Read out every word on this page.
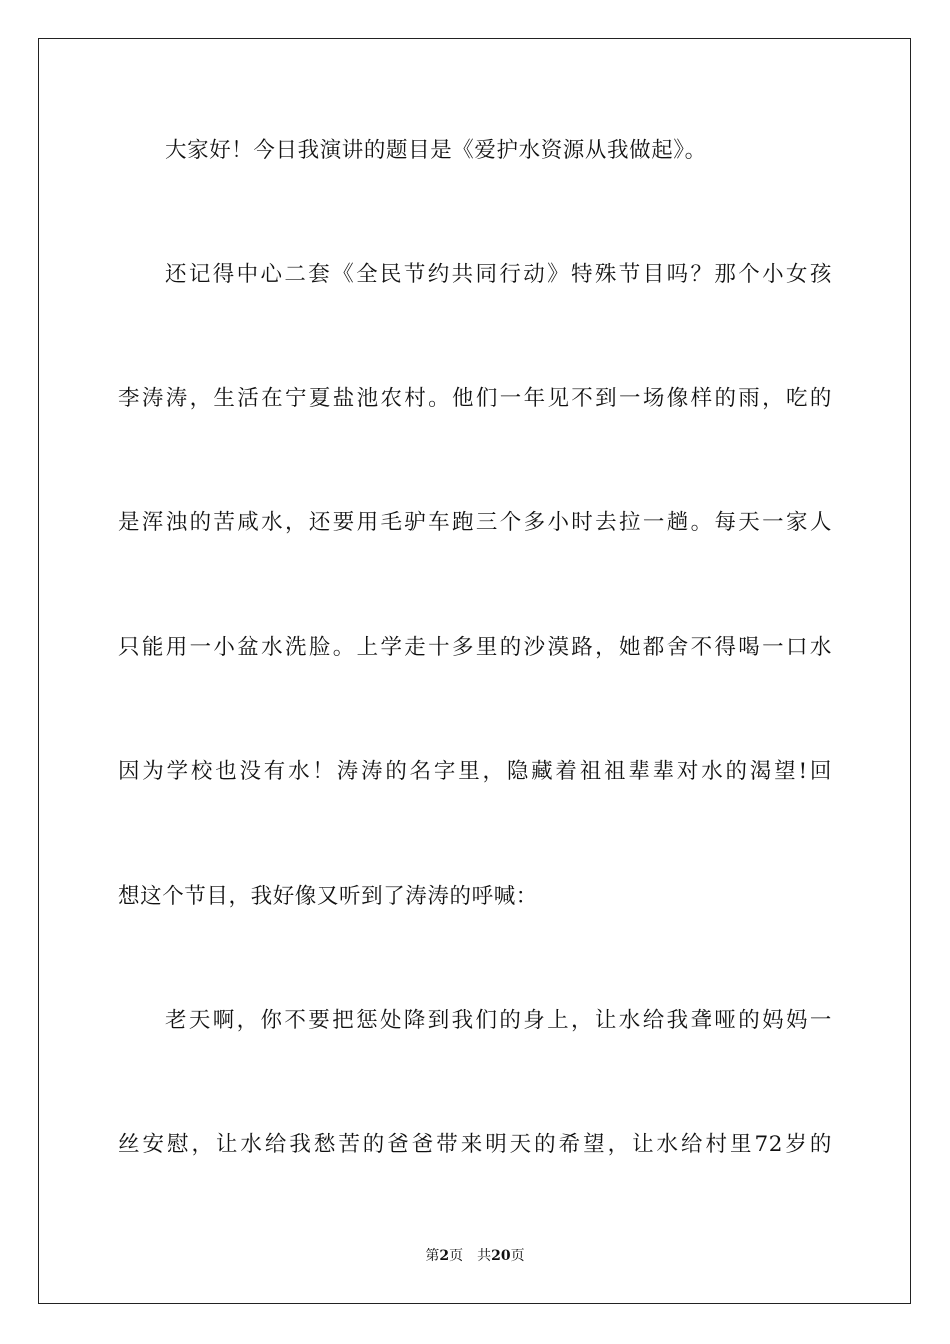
大家好！今日我演讲的题目是《爱护水资源从我做起》。
还记得中心二套《全民节约共同行动》特殊节目吗？那个小女孩
李涛涛，生活在宁夏盐池农村。他们一年见不到一场像样的雨，吃的
是浑浊的苦咸水，还要用毛驴车跑三个多小时去拉一趟。每天一家人
只能用一小盆水洗脸。上学走十多里的沙漠路，她都舍不得喝一口水
因为学校也没有水！涛涛的名字里，隐藏着祖祖辈辈对水的渴望!回
想这个节目，我好像又听到了涛涛的呼喊：
老天啊，你不要把惩处降到我们的身上，让水给我聋哑的妈妈一
丝安慰，让水给我愁苦的爸爸带来明天的希望，让水给村里72岁的
第2页 共20页
